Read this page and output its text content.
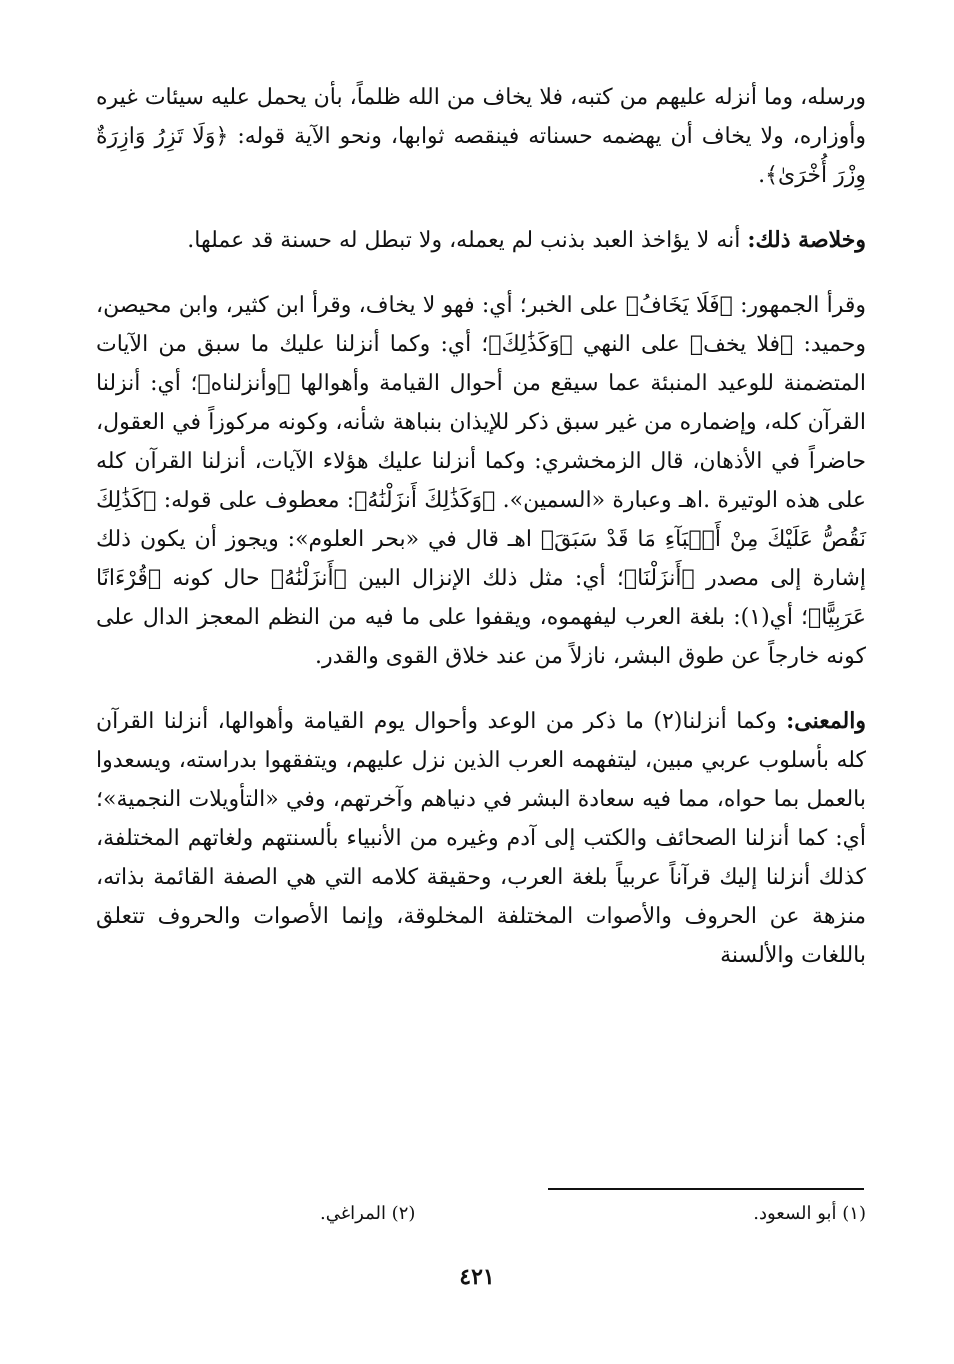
ورسله، وما أنزله عليهم من كتبه، فلا يخاف من الله ظلماً، بأن يحمل عليه سيئات غيره وأوزاره، ولا يخاف أن يهضمه حسناته فينقصه ثوابها، ونحو الآية قوله: ﴿وَلَا تَزِرُ وَازِرَةٌ وِزْرَ أُخْرَىٰ﴾.

وخلاصة ذلك: أنه لا يؤاخذ العبد بذنب لم يعمله، ولا تبطل له حسنة قد عملها.

وقرأ الجمهور: ﴿فَلَا يَخَافُ﴾ على الخبر؛ أي: فهو لا يخاف، وقرأ ابن كثير، وابن محيصن، وحميد: ﴿فلا يخف﴾ على النهي ﴿وَكَذَٰلِكَ﴾؛ أي: وكما أنزلنا عليك ما سبق من الآيات المتضمنة للوعيد المنبئة عما سيقع من أحوال القيامة وأهوالها ﴿وأنزلناه﴾؛ أي: أنزلنا القرآن كله، وإضماره من غير سبق ذكر للإيذان بنباهة شأنه، وكونه مركوزاً في العقول، حاضراً في الأذهان، قال الزمخشري: وكما أنزلنا عليك هؤلاء الآيات، أنزلنا القرآن كله على هذه الوتيرة .اهـ وعبارة «السمين». ﴿وَكَذَٰلِكَ أَنزَلْنَٰهُ﴾: معطوف على قوله: ﴿كَذَٰلِكَ نَقُصُّ عَلَيْكَ مِنْ أَنۢبَآءِ مَا قَدْ سَبَقَ﴾ اهـ قال في «بحر العلوم»: ويجوز أن يكون ذلك إشارة إلى مصدر ﴿أَنزَلْنَا﴾؛ أي: مثل ذلك الإنزال البين ﴿أَنزَلْنَٰهُ﴾ حال كونه ﴿قُرْءَانًا عَرَبِيًّا﴾؛ أي(١): بلغة العرب ليفهموه، ويقفوا على ما فيه من النظم المعجز الدال على كونه خارجاً عن طوق البشر، نازلاً من عند خلاق القوى والقدر.

والمعنى: وكما أنزلنا(٢) ما ذكر من الوعد وأحوال يوم القيامة وأهوالها، أنزلنا القرآن كله بأسلوب عربي مبين، ليتفهمه العرب الذين نزل عليهم، ويتفقهوا بدراسته، ويسعدوا بالعمل بما حواه، مما فيه سعادة البشر في دنياهم وآخرتهم، وفي «التأويلات النجمية»؛ أي: كما أنزلنا الصحائف والكتب إلى آدم وغيره من الأنبياء بألسنتهم ولغاتهم المختلفة، كذلك أنزلنا إليك قرآناً عربياً بلغة العرب، وحقيقة كلامه التي هي الصفة القائمة بذاته، منزهة عن الحروف والأصوات المختلفة المخلوقة، وإنما الأصوات والحروف تتعلق باللغات والألسنة

(١) أبو السعود.
(٢) المراغي.
٤٢١
